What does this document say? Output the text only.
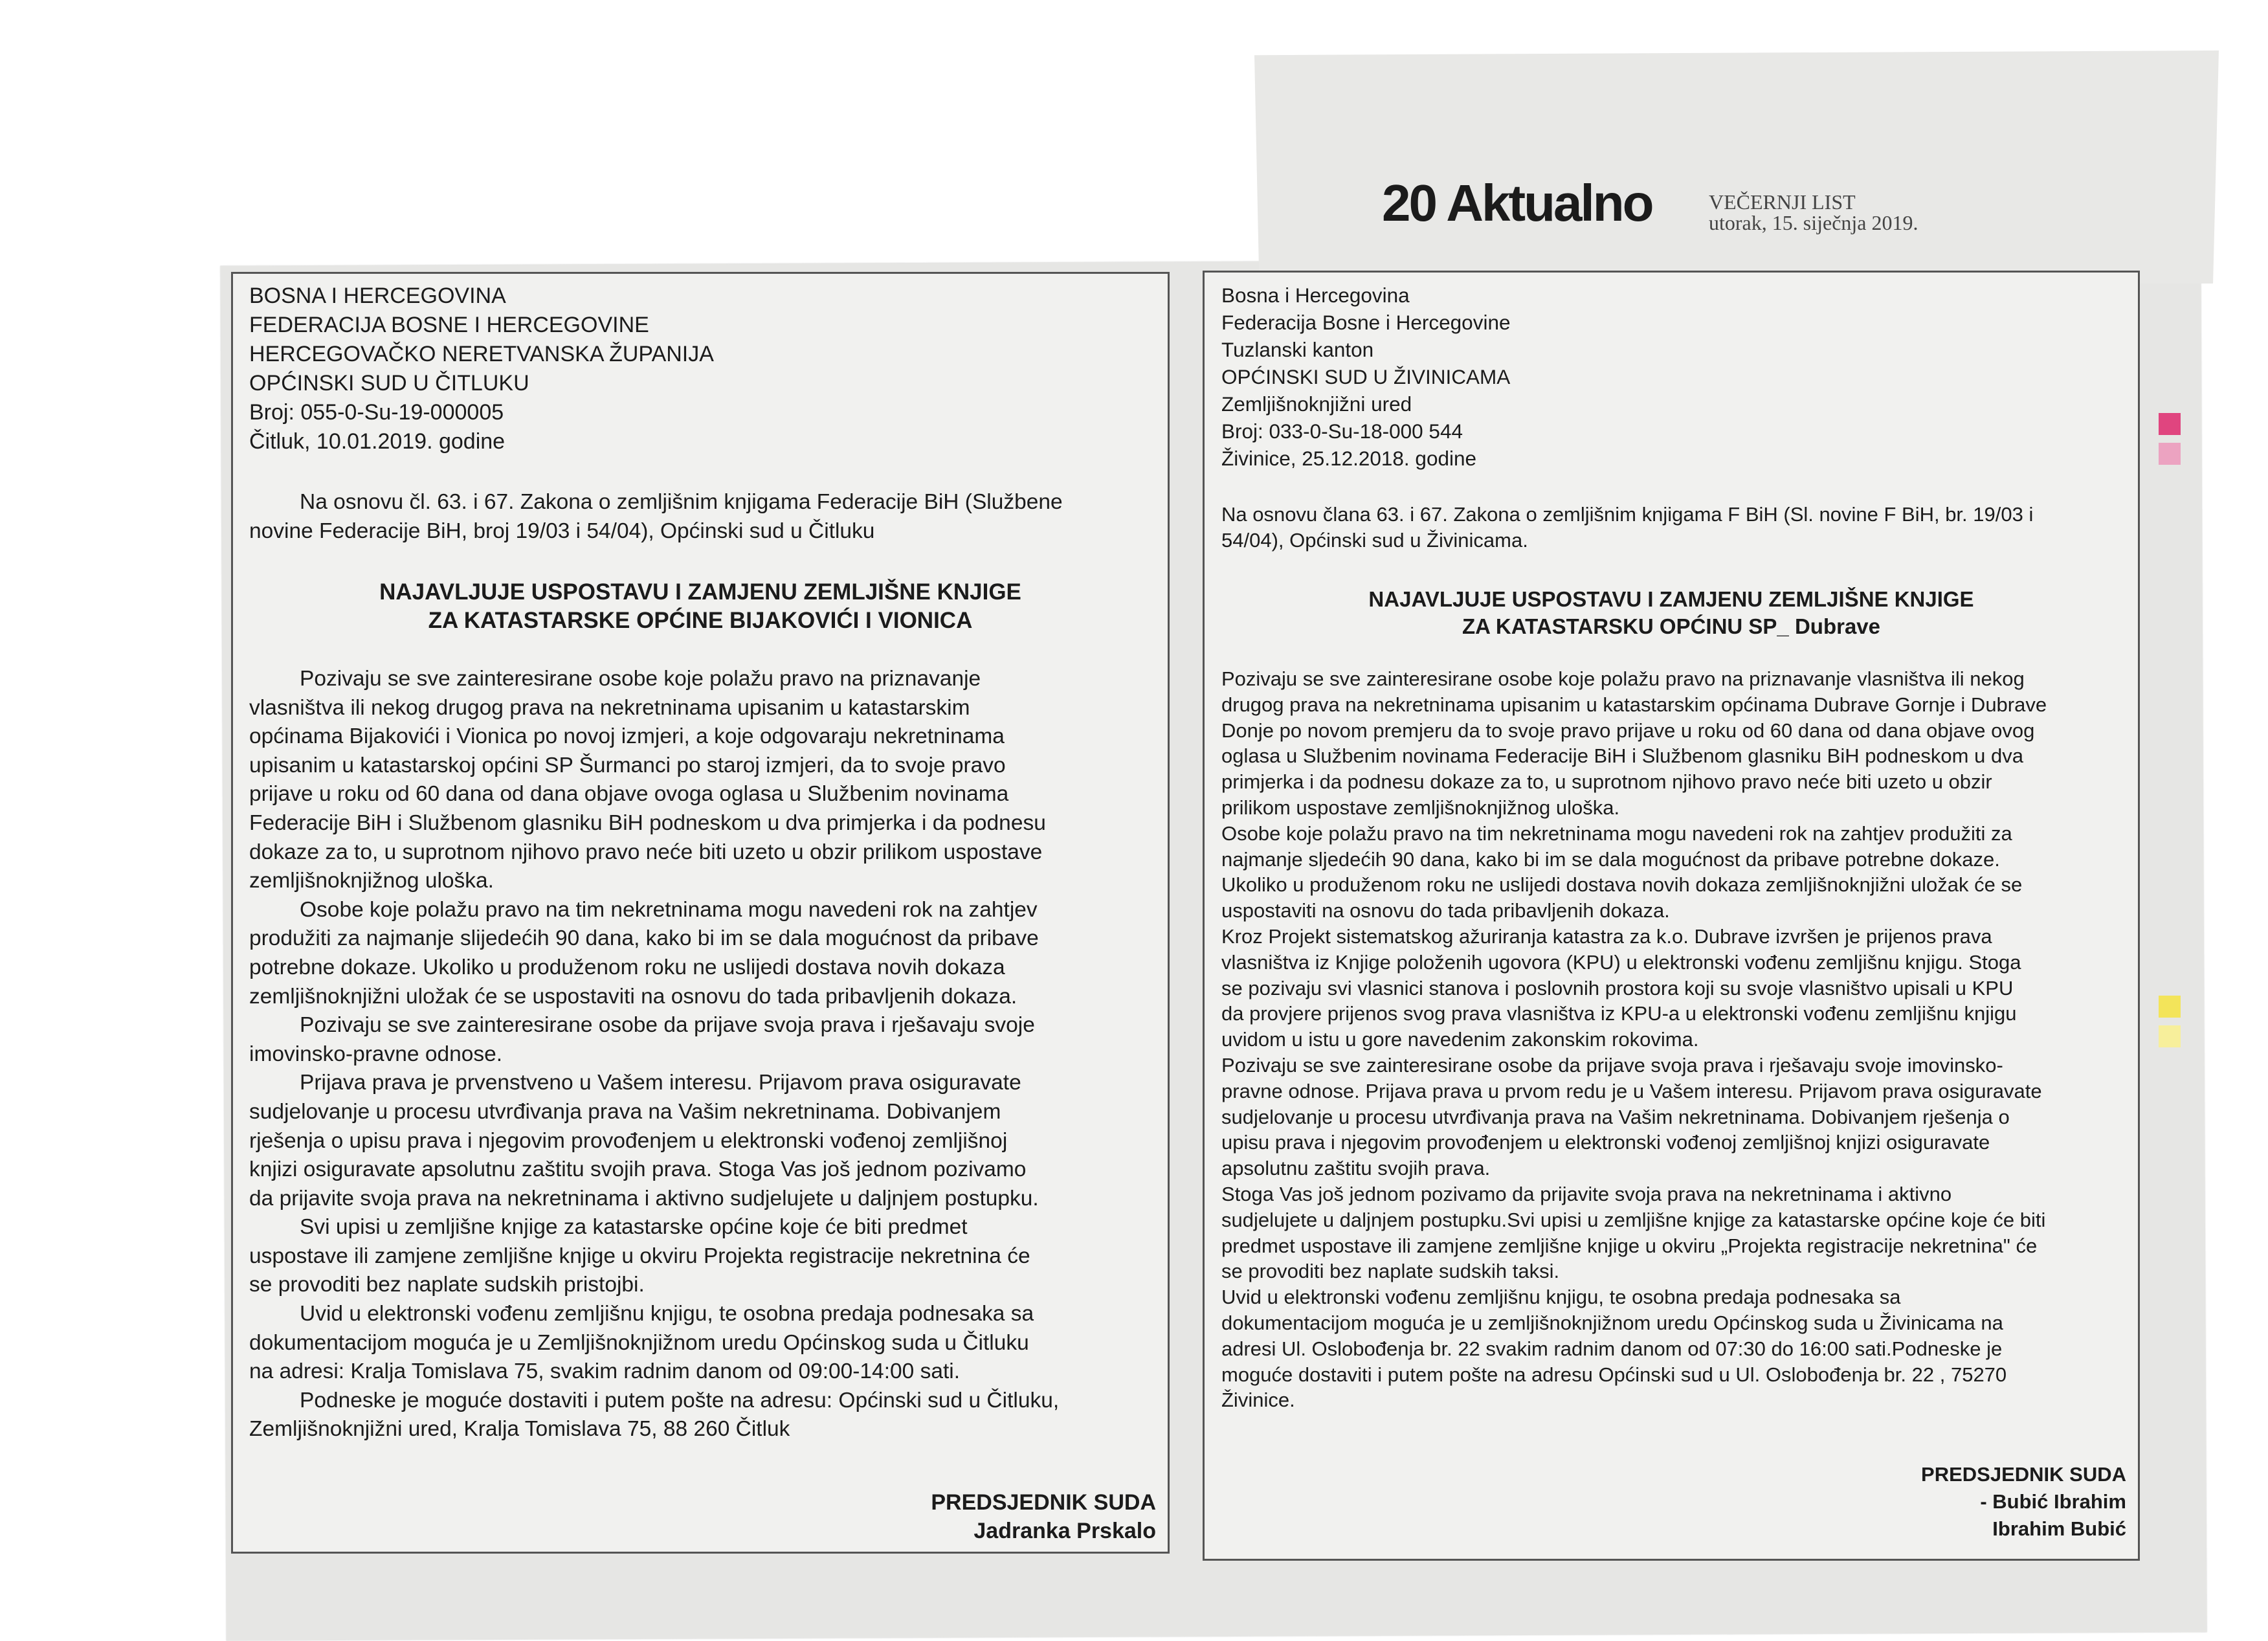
20 Aktualno	VEČERNJI LIST
utorak, 15. siječnja 2019.
BOSNA I HERCEGOVINA
FEDERACIJA BOSNE I HERCEGOVINE
HERCEGOVAČKO NERETVANSKA ŽUPANIJA
OPĆINSKI SUD U ČITLUKU
Broj: 055-0-Su-19-000005
Čitluk, 10.01.2019. godine
Na osnovu čl. 63. i 67. Zakona o zemljišnim knjigama Federacije BiH (Službene
novine Federacije BiH, broj 19/03 i 54/04), Općinski sud u Čitluku
NAJAVLJUJE USPOSTAVU I ZAMJENU ZEMLJIŠNE KNJIGE
ZA KATASTARSKE OPĆINE BIJAKOVIĆI I VIONICA
Pozivaju se sve zainteresirane osobe koje polažu pravo na priznavanje
vlasništva ili nekog drugog prava na nekretninama upisanim u katastarskim
općinama Bijakovići i Vionica po novoj izmjeri, a koje odgovaraju nekretninama
upisanim u katastarskoj općini SP Šurmanci po staroj izmjeri, da to svoje pravo
prijave u roku od 60 dana od dana objave ovoga oglasa u Službenim novinama
Federacije BiH i Službenom glasniku BiH podneskom u dva primjerka i da podnesu
dokaze za to, u suprotnom njihovo pravo neće biti uzeto u obzir prilikom uspostave
zemljišnoknjižnog uloška.
Osobe koje polažu pravo na tim nekretninama mogu navedeni rok na zahtjev
produžiti za najmanje slijedećih 90 dana, kako bi im se dala mogućnost da pribave
potrebne dokaze. Ukoliko u produženom roku ne uslijedi dostava novih dokaza
zemljišnoknjižni uložak će se uspostaviti na osnovu do tada pribavljenih dokaza.
Pozivaju se sve zainteresirane osobe da prijave svoja prava i rješavaju svoje
imovinsko-pravne odnose.
Prijava prava je prvenstveno u Vašem interesu. Prijavom prava osiguravate
sudjelovanje u procesu utvrđivanja prava na Vašim nekretninama. Dobivanjem
rješenja o upisu prava i njegovim provođenjem u elektronski vođenoj zemljišnoj
knjizi osiguravate apsolutnu zaštitu svojih prava. Stoga Vas još jednom pozivamo
da prijavite svoja prava na nekretninama i aktivno sudjelujete u daljnjem postupku.
Svi upisi u zemljišne knjige za katastarske općine koje će biti predmet
uspostave ili zamjene zemljišne knjige u okviru Projekta registracije nekretnina će
se provoditi bez naplate sudskih pristojbi.
Uvid u elektronski vođenu zemljišnu knjigu, te osobna predaja podnesaka sa
dokumentacijom moguća je u Zemljišnoknjižnom uredu Općinskog suda u Čitluku
na adresi: Kralja Tomislava 75, svakim radnim danom od 09:00-14:00 sati.
Podneske je moguće dostaviti i putem pošte na adresu: Općinski sud u Čitluku,
Zemljišnoknjižni ured, Kralja Tomislava 75, 88 260 Čitluk
PREDSJEDNIK SUDA
Jadranka Prskalo
Bosna i Hercegovina
Federacija Bosne i Hercegovine
Tuzlanski kanton
OPĆINSKI SUD U ŽIVINICAMA
Zemljišnoknjižni ured
Broj: 033-0-Su-18-000 544
Živinice, 25.12.2018. godine
Na osnovu člana 63. i 67. Zakona o zemljišnim knjigama F BiH (Sl. novine F BiH, br. 19/03 i
54/04), Općinski sud u Živinicama.
NAJAVLJUJE USPOSTAVU I ZAMJENU ZEMLJIŠNE KNJIGE
ZA KATASTARSKU OPĆINU SP_ Dubrave
Pozivaju se sve zainteresirane osobe koje polažu pravo na priznavanje vlasništva ili nekog
drugog prava na nekretninama upisanim u katastarskim općinama Dubrave Gornje i Dubrave
Donje po novom premjeru da to svoje pravo prijave u roku od 60 dana od dana objave ovog
oglasa u Službenim novinama Federacije BiH i Službenom glasniku BiH podneskom u dva
primjerka i da podnesu dokaze za to, u suprotnom njihovo pravo neće biti uzeto u obzir
prilikom uspostave zemljišnoknjižnog uloška.
Osobe koje polažu pravo na tim nekretninama mogu navedeni rok na zahtjev produžiti za
najmanje sljedećih 90 dana, kako bi im se dala mogućnost da pribave potrebne dokaze.
Ukoliko u produženom roku ne uslijedi dostava novih dokaza zemljišnoknjižni uložak će se
uspostaviti na osnovu do tada pribavljenih dokaza.
Kroz Projekt sistematskog ažuriranja katastra za k.o. Dubrave izvršen je prijenos prava
vlasništva iz Knjige položenih ugovora (KPU) u elektronski vođenu zemljišnu knjigu. Stoga
se pozivaju svi vlasnici stanova i poslovnih prostora koji su svoje vlasništvo upisali u KPU
da provjere prijenos svog prava vlasništva iz KPU-a u elektronski vođenu zemljišnu knjigu
uvidom u istu u gore navedenim zakonskim rokovima.
Pozivaju se sve zainteresirane osobe da prijave svoja prava i rješavaju svoje imovinsko-
pravne odnose. Prijava prava u prvom redu je u Vašem interesu. Prijavom prava osiguravate
sudjelovanje u procesu utvrđivanja prava na Vašim nekretninama. Dobivanjem rješenja o
upisu prava i njegovim provođenjem u elektronski vođenoj zemljišnoj knjizi osiguravate
apsolutnu zaštitu svojih prava.
Stoga Vas još jednom pozivamo da prijavite svoja prava na nekretninama i aktivno
sudjelujete u daljnjem postupku.Svi upisi u zemljišne knjige za katastarske općine koje će biti
predmet uspostave ili zamjene zemljišne knjige u okviru „Projekta registracije nekretnina" će
se provoditi bez naplate sudskih taksi.
Uvid u elektronski vođenu zemljišnu knjigu, te osobna predaja podnesaka sa
dokumentacijom moguća je u zemljišnoknjižnom uredu Općinskog suda u Živinicama na
adresi Ul. Oslobođenja br. 22 svakim radnim danom od 07:30 do 16:00 sati.Podneske je
moguće dostaviti i putem pošte na adresu Općinski sud u Ul. Oslobođenja br. 22 , 75270
Živinice.
PREDSJEDNIK SUDA
- Bubić Ibrahim
Ibrahim Bubić
